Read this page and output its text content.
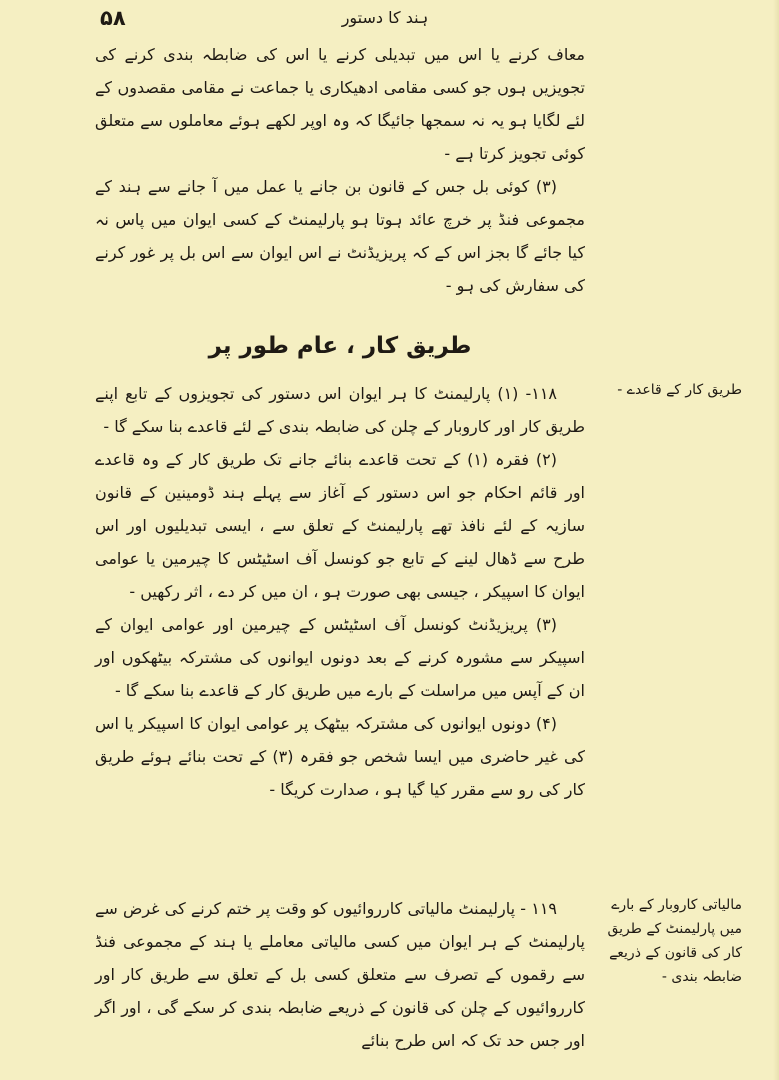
۵۸	ہند کا دستور

معاف کرنے یا اس میں تبدیلی کرنے یا اس کی ضابطہ بندی کرنے کی تجویزیں ہوں جو کسی مقامی ادھیکاری یا جماعت نے مقامی مقصدوں کے لئے لگایا ہو یہ نہ سمجھا جائیگا کہ وہ اوپر لکھے ہوئے معاملوں سے متعلق کوئی تجویز کرتا ہے -

(۳) کوئی بل جس کے قانون بن جانے یا عمل میں آ جانے سے ہند کے مجموعی فنڈ پر خرچ عائد ہوتا ہو پارلیمنٹ کے کسی ایوان میں پاس نہ کیا جائے گا بجز اس کے کہ پریزیڈنٹ نے اس ایوان سے اس بل پر غور کرنے کی سفارش کی ہو -

طریق کار ، عام طور پر

۱۱۸- (۱) پارلیمنٹ کا ہر ایوان اس دستور کی تجویزوں کے تابع اپنے طریق کار اور کاروبار کے چلن کی ضابطہ بندی کے لئے قاعدے بنا سکے گا -

(۲) فقرہ (۱) کے تحت قاعدے بنائے جانے تک طریق کار کے وہ قاعدے اور قائم احکام جو اس دستور کے آغاز سے پہلے ہند ڈومینین کے قانون سازیہ کے لئے نافذ تھے پارلیمنٹ کے تعلق سے ، ایسی تبدیلیوں اور اس طرح سے ڈھال لینے کے تابع جو کونسل آف اسٹیٹس کا چیرمین یا عوامی ایوان کا اسپیکر ، جیسی بھی صورت ہو ، ان میں کر دے ، اثر رکھیں -

(۳) پریزیڈنٹ کونسل آف اسٹیٹس کے چیرمین اور عوامی ایوان کے اسپیکر سے مشورہ کرنے کے بعد دونوں ایوانوں کی مشترکہ بیٹھکوں اور ان کے آپس میں مراسلت کے بارے میں طریق کار کے قاعدے بنا سکے گا -

(۴) دونوں ایوانوں کی مشترکہ بیٹھک پر عوامی ایوان کا اسپیکر یا اس کی غیر حاضری میں ایسا شخص جو فقرہ (۳) کے تحت بنائے ہوئے طریق کار کی رو سے مقرر کیا گیا ہو ، صدارت کریگا -

۱۱۹ - پارلیمنٹ مالیاتی کارروائیوں کو وقت پر ختم کرنے کی غرض سے پارلیمنٹ کے ہر ایوان میں کسی مالیاتی معاملے یا ہند کے مجموعی فنڈ سے رقموں کے تصرف سے متعلق کسی بل کے تعلق سے طریق کار اور کارروائیوں کے چلن کی قانون کے ذریعے ضابطہ بندی کر سکے گی ، اور اگر اور جس حد تک کہ اس طرح بنائے

طریق کار کے قاعدے -
مالیاتی کاروبار کے بارے میں پارلیمنٹ کے طریق کار کی قانون کے ذریعے ضابطہ بندی -
